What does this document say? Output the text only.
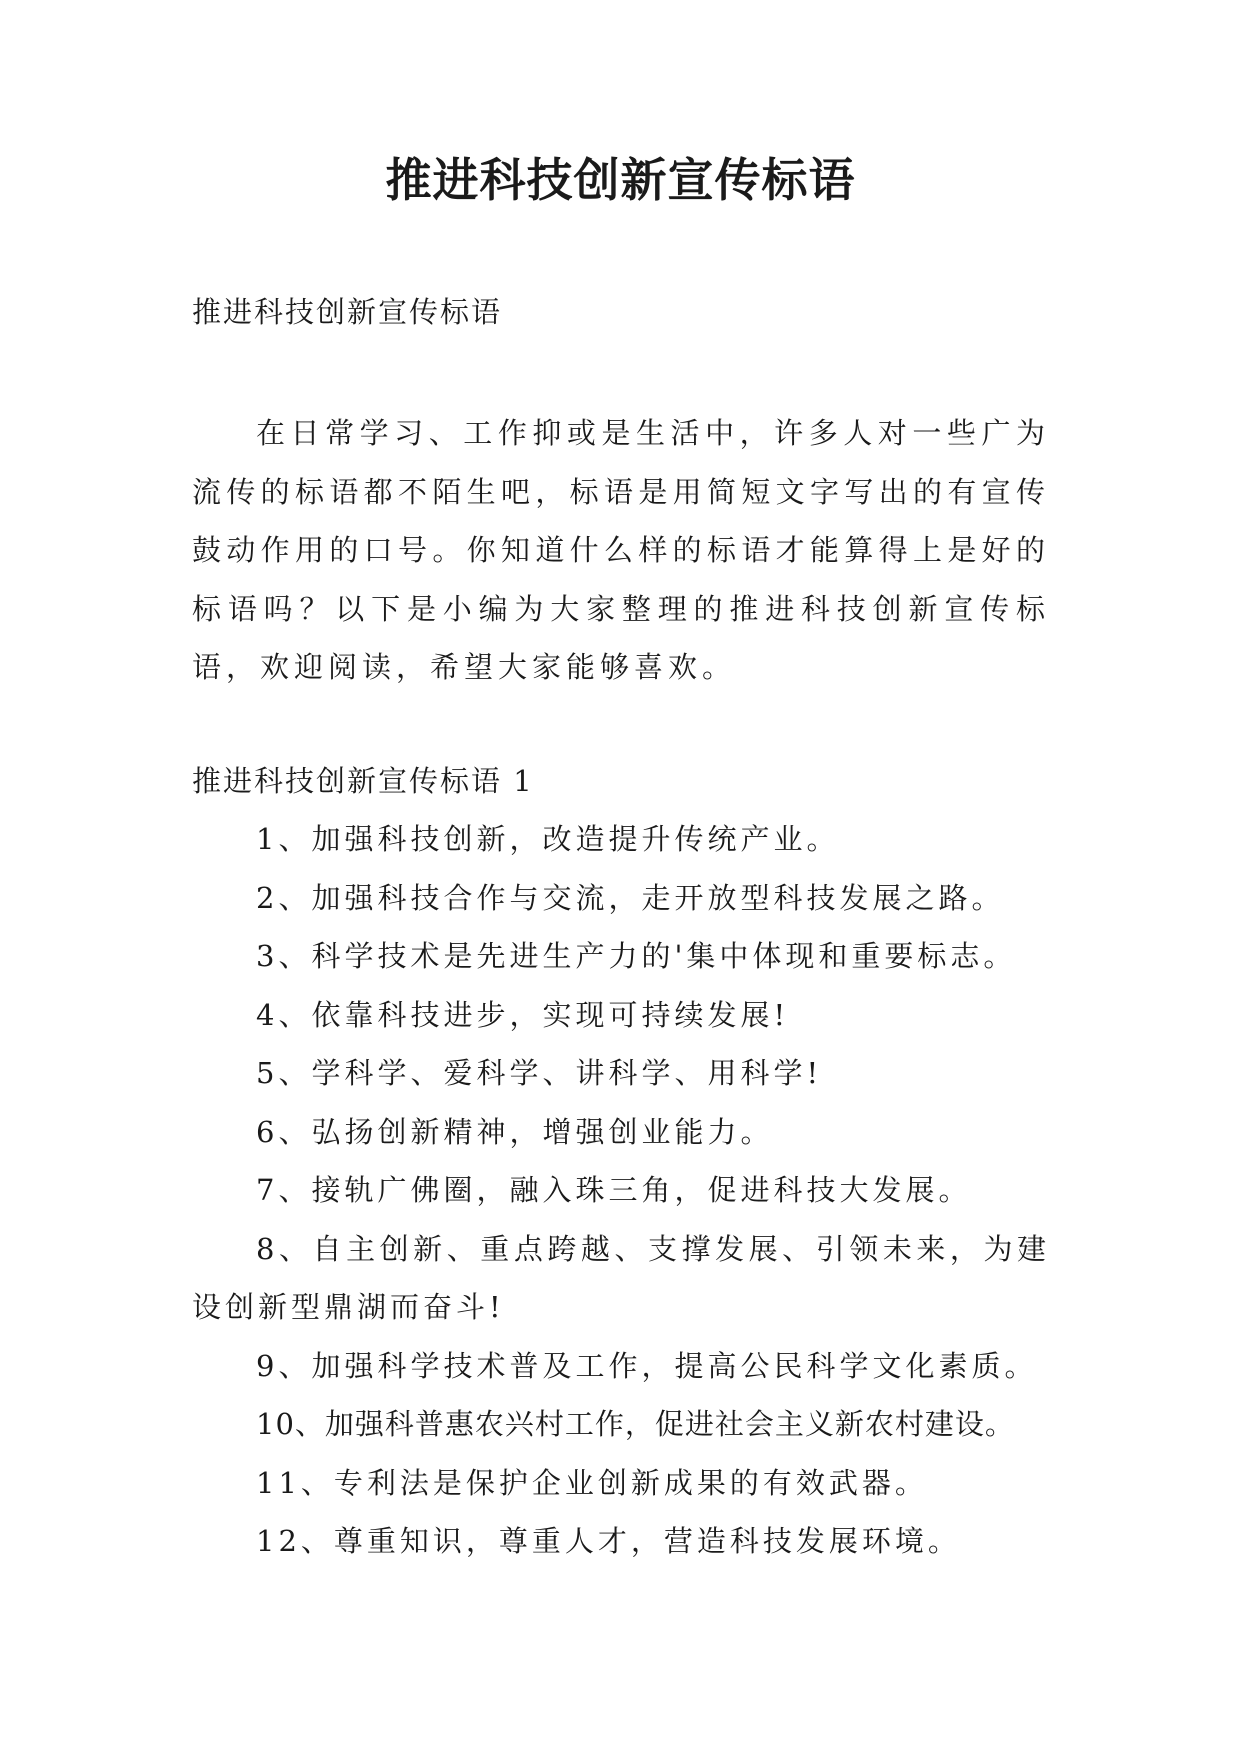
推进科技创新宣传标语

推进科技创新宣传标语

在日常学习、工作抑或是生活中，许多人对一些广为流传的标语都不陌生吧，标语是用简短文字写出的有宣传鼓动作用的口号。你知道什么样的标语才能算得上是好的标语吗？以下是小编为大家整理的推进科技创新宣传标语，欢迎阅读，希望大家能够喜欢。

推进科技创新宣传标语 1

1、加强科技创新，改造提升传统产业。
2、加强科技合作与交流，走开放型科技发展之路。
3、科学技术是先进生产力的'集中体现和重要标志。
4、依靠科技进步，实现可持续发展!
5、学科学、爱科学、讲科学、用科学!
6、弘扬创新精神，增强创业能力。
7、接轨广佛圈，融入珠三角，促进科技大发展。
8、自主创新、重点跨越、支撑发展、引领未来，为建设创新型鼎湖而奋斗!
9、加强科学技术普及工作，提高公民科学文化素质。
10、加强科普惠农兴村工作，促进社会主义新农村建设。
11、专利法是保护企业创新成果的有效武器。
12、尊重知识，尊重人才，营造科技发展环境。
